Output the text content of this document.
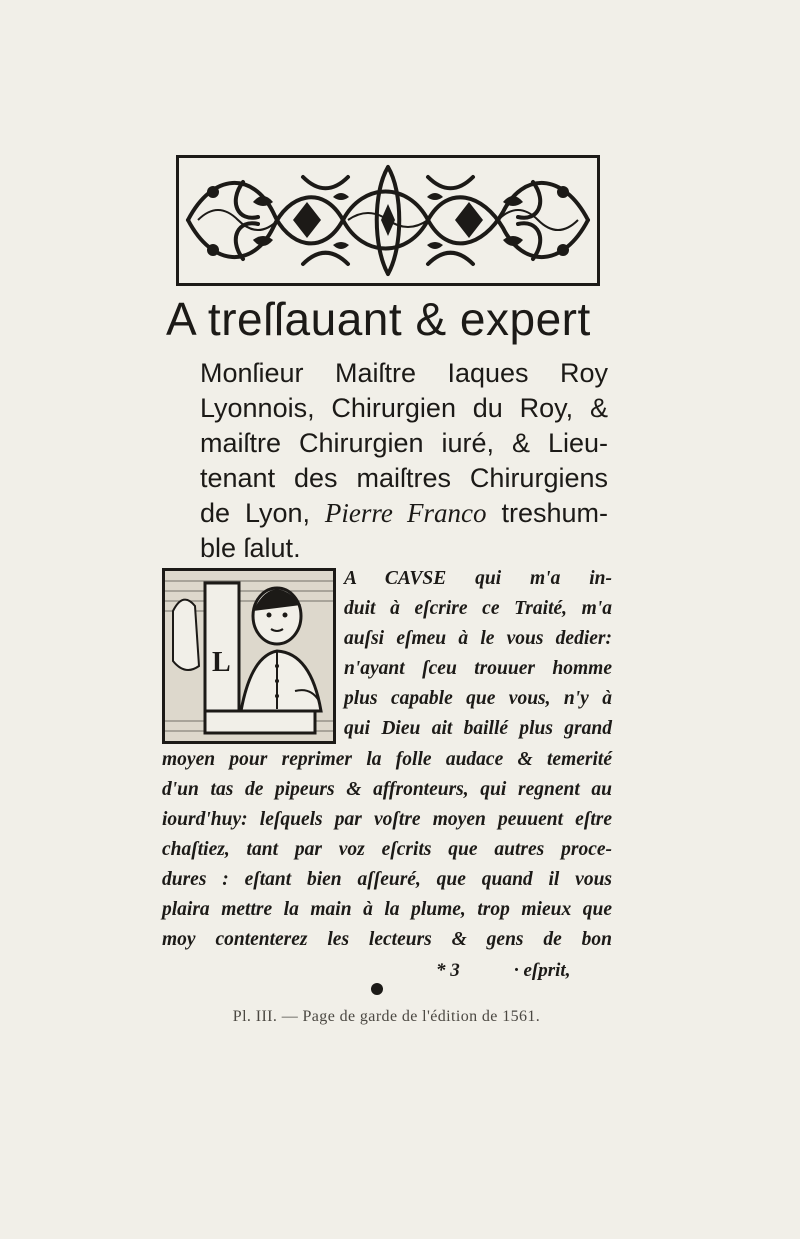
A treſſauant & expert
Monſieur Maiſtre Iaques Roy
Lyonnois, Chirurgien du Roy, &
maiſtre Chirurgien iuré, & Lieu-
tenant des maiſtres Chirurgiens
de Lyon, Pierre Franco treshum-
ble ſalut.
L
A CAVSE qui m'a in-
duit à eſcrire ce Traité, m'a
auſsi eſmeu à le vous dedier:
n'ayant ſceu trouuer homme
plus capable que vous, n'y à
qui Dieu ait baillé plus grand
moyen pour reprimer la folle audace & temerité
d'un tas de pipeurs & affronteurs, qui regnent au
iourd'huy: leſquels par voſtre moyen peuuent eſtre
chaſtiez, tant par voz eſcrits que autres proce-
dures : eſtant bien aſſeuré, que quand il vous
plaira mettre la main à la plume, trop mieux que
moy contenterez les lecteurs & gens de bon
* 3	· eſprit,
Pl. III. — Page de garde de l'édition de 1561.
